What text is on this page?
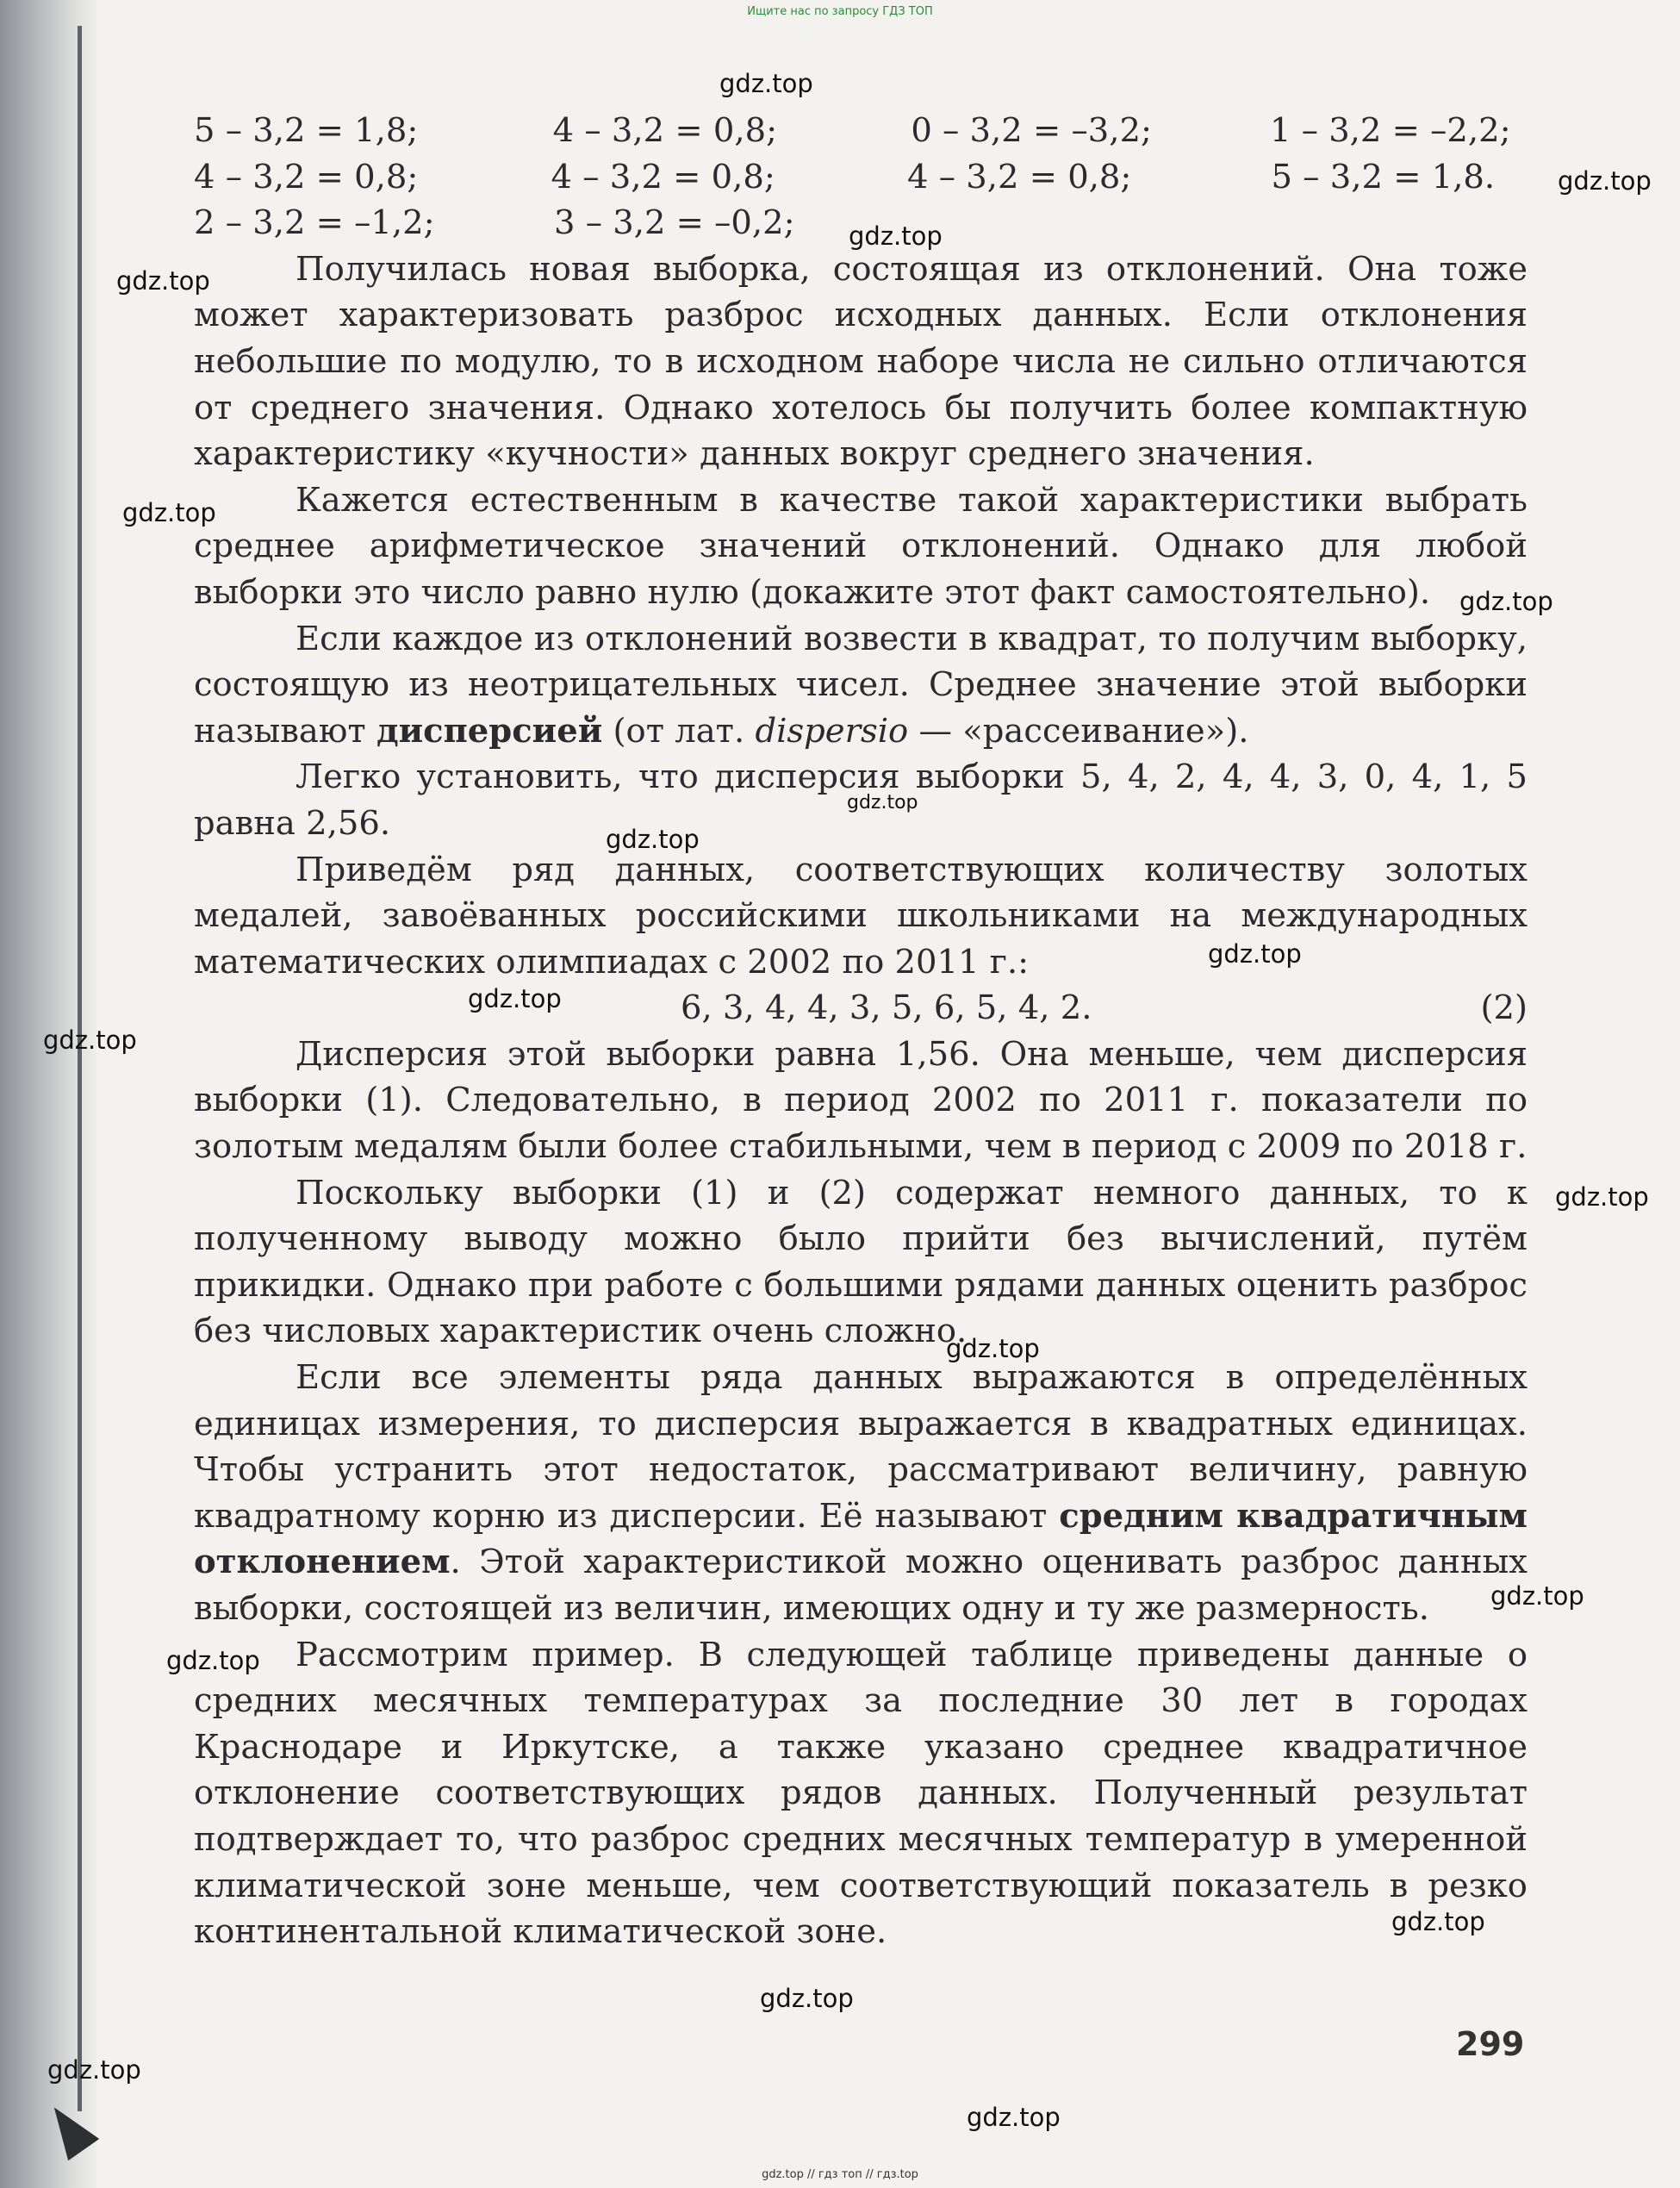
Ищите нас по запросу ГДЗ ТОП
5 – 3,2 = 1,8;	4 – 3,2 = 0,8;	0 – 3,2 = –3,2;	1 – 3,2 = –2,2;
4 – 3,2 = 0,8;	4 – 3,2 = 0,8;	4 – 3,2 = 0,8;	5 – 3,2 = 1,8.
2 – 3,2 = –1,2;	3 – 3,2 = –0,2;

Получилась новая выборка, состоящая из отклонений. Она тоже может характеризовать разброс исходных данных. Если отклонения небольшие по модулю, то в исходном наборе числа не сильно отличаются от среднего значения. Однако хотелось бы получить более компактную характеристику «кучности» данных вокруг среднего значения.

Кажется естественным в качестве такой характеристики выбрать среднее арифметическое значений отклонений. Однако для любой выборки это число равно нулю (докажите этот факт самостоятельно).

Если каждое из отклонений возвести в квадрат, то получим выборку, состоящую из неотрицательных чисел. Среднее значение этой выборки называют дисперсией (от лат. dispersio — «рассеивание»).

Легко установить, что дисперсия выборки 5, 4, 2, 4, 4, 3, 0, 4, 1, 5 равна 2,56.

Приведём ряд данных, соответствующих количеству золотых медалей, завоёванных российскими школьниками на международных математических олимпиадах с 2002 по 2011 г.:

6, 3, 4, 4, 3, 5, 6, 5, 4, 2.	(2)

Дисперсия этой выборки равна 1,56. Она меньше, чем дисперсия выборки (1). Следовательно, в период 2002 по 2011 г. показатели по золотым медалям были более стабильными, чем в период с 2009 по 2018 г.

Поскольку выборки (1) и (2) содержат немного данных, то к полученному выводу можно было прийти без вычислений, путём прикидки. Однако при работе с большими рядами данных оценить разброс без числовых характеристик очень сложно.

Если все элементы ряда данных выражаются в определённых единицах измерения, то дисперсия выражается в квадратных единицах. Чтобы устранить этот недостаток, рассматривают величину, равную квадратному корню из дисперсии. Её называют средним квадратичным отклонением. Этой характеристикой можно оценивать разброс данных выборки, состоящей из величин, имеющих одну и ту же размерность.

Рассмотрим пример. В следующей таблице приведены данные о средних месячных температурах за последние 30 лет в городах Краснодаре и Иркутске, а также указано среднее квадратичное отклонение соответствующих рядов данных. Полученный результат подтверждает то, что разброс средних месячных температур в умеренной климатической зоне меньше, чем соответствующий показатель в резко континентальной климатической зоне.

299
gdz.top
gdz.top
gdz.top
gdz.top
gdz.top
gdz.top
gdz.top
gdz.top
gdz.top
gdz.top
gdz.top
gdz.top
gdz.top
gdz.top
gdz.top
gdz.top
gdz.top
gdz.top
gdz.top
gdz.top // гдз топ // гдз.top
